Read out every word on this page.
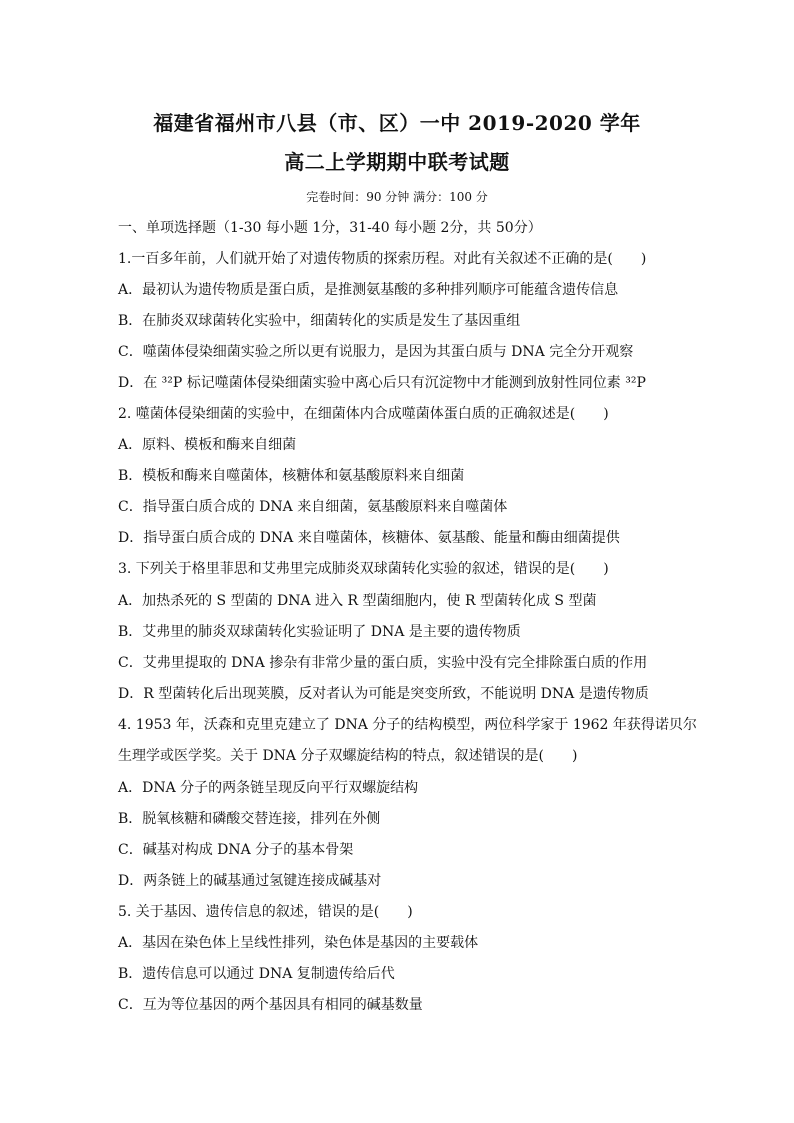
福建省福州市八县（市、区）一中 2019-2020 学年
高二上学期期中联考试题
完卷时间：90 分钟 满分：100 分
一、单项选择题（1-30 每小题 1分，31-40 每小题 2分，共 50分）
1.一百多年前，人们就开始了对遗传物质的探索历程。对此有关叙述不正确的是(　　)
A．最初认为遗传物质是蛋白质，是推测氨基酸的多种排列顺序可能蕴含遗传信息
B．在肺炎双球菌转化实验中，细菌转化的实质是发生了基因重组
C．噬菌体侵染细菌实验之所以更有说服力，是因为其蛋白质与 DNA 完全分开观察
D．在 ³²P 标记噬菌体侵染细菌实验中离心后只有沉淀物中才能测到放射性同位素 ³²P
2. 噬菌体侵染细菌的实验中，在细菌体内合成噬菌体蛋白质的正确叙述是(　　)
A．原料、模板和酶来自细菌
B．模板和酶来自噬菌体，核糖体和氨基酸原料来自细菌
C．指导蛋白质合成的 DNA 来自细菌，氨基酸原料来自噬菌体
D．指导蛋白质合成的 DNA 来自噬菌体，核糖体、氨基酸、能量和酶由细菌提供
3. 下列关于格里菲思和艾弗里完成肺炎双球菌转化实验的叙述，错误的是(　　)
A．加热杀死的 S 型菌的 DNA 进入 R 型菌细胞内，使 R 型菌转化成 S 型菌
B．艾弗里的肺炎双球菌转化实验证明了 DNA 是主要的遗传物质
C．艾弗里提取的 DNA 掺杂有非常少量的蛋白质，实验中没有完全排除蛋白质的作用
D．R 型菌转化后出现荚膜，反对者认为可能是突变所致，不能说明 DNA 是遗传物质
4. 1953 年，沃森和克里克建立了 DNA 分子的结构模型，两位科学家于 1962 年获得诺贝尔
生理学或医学奖。关于 DNA 分子双螺旋结构的特点，叙述错误的是(　　)
A．DNA 分子的两条链呈现反向平行双螺旋结构
B．脱氧核糖和磷酸交替连接，排列在外侧
C．碱基对构成 DNA 分子的基本骨架
D．两条链上的碱基通过氢键连接成碱基对
5. 关于基因、遗传信息的叙述，错误的是(　　)
A．基因在染色体上呈线性排列，染色体是基因的主要载体
B．遗传信息可以通过 DNA 复制遗传给后代
C．互为等位基因的两个基因具有相同的碱基数量
